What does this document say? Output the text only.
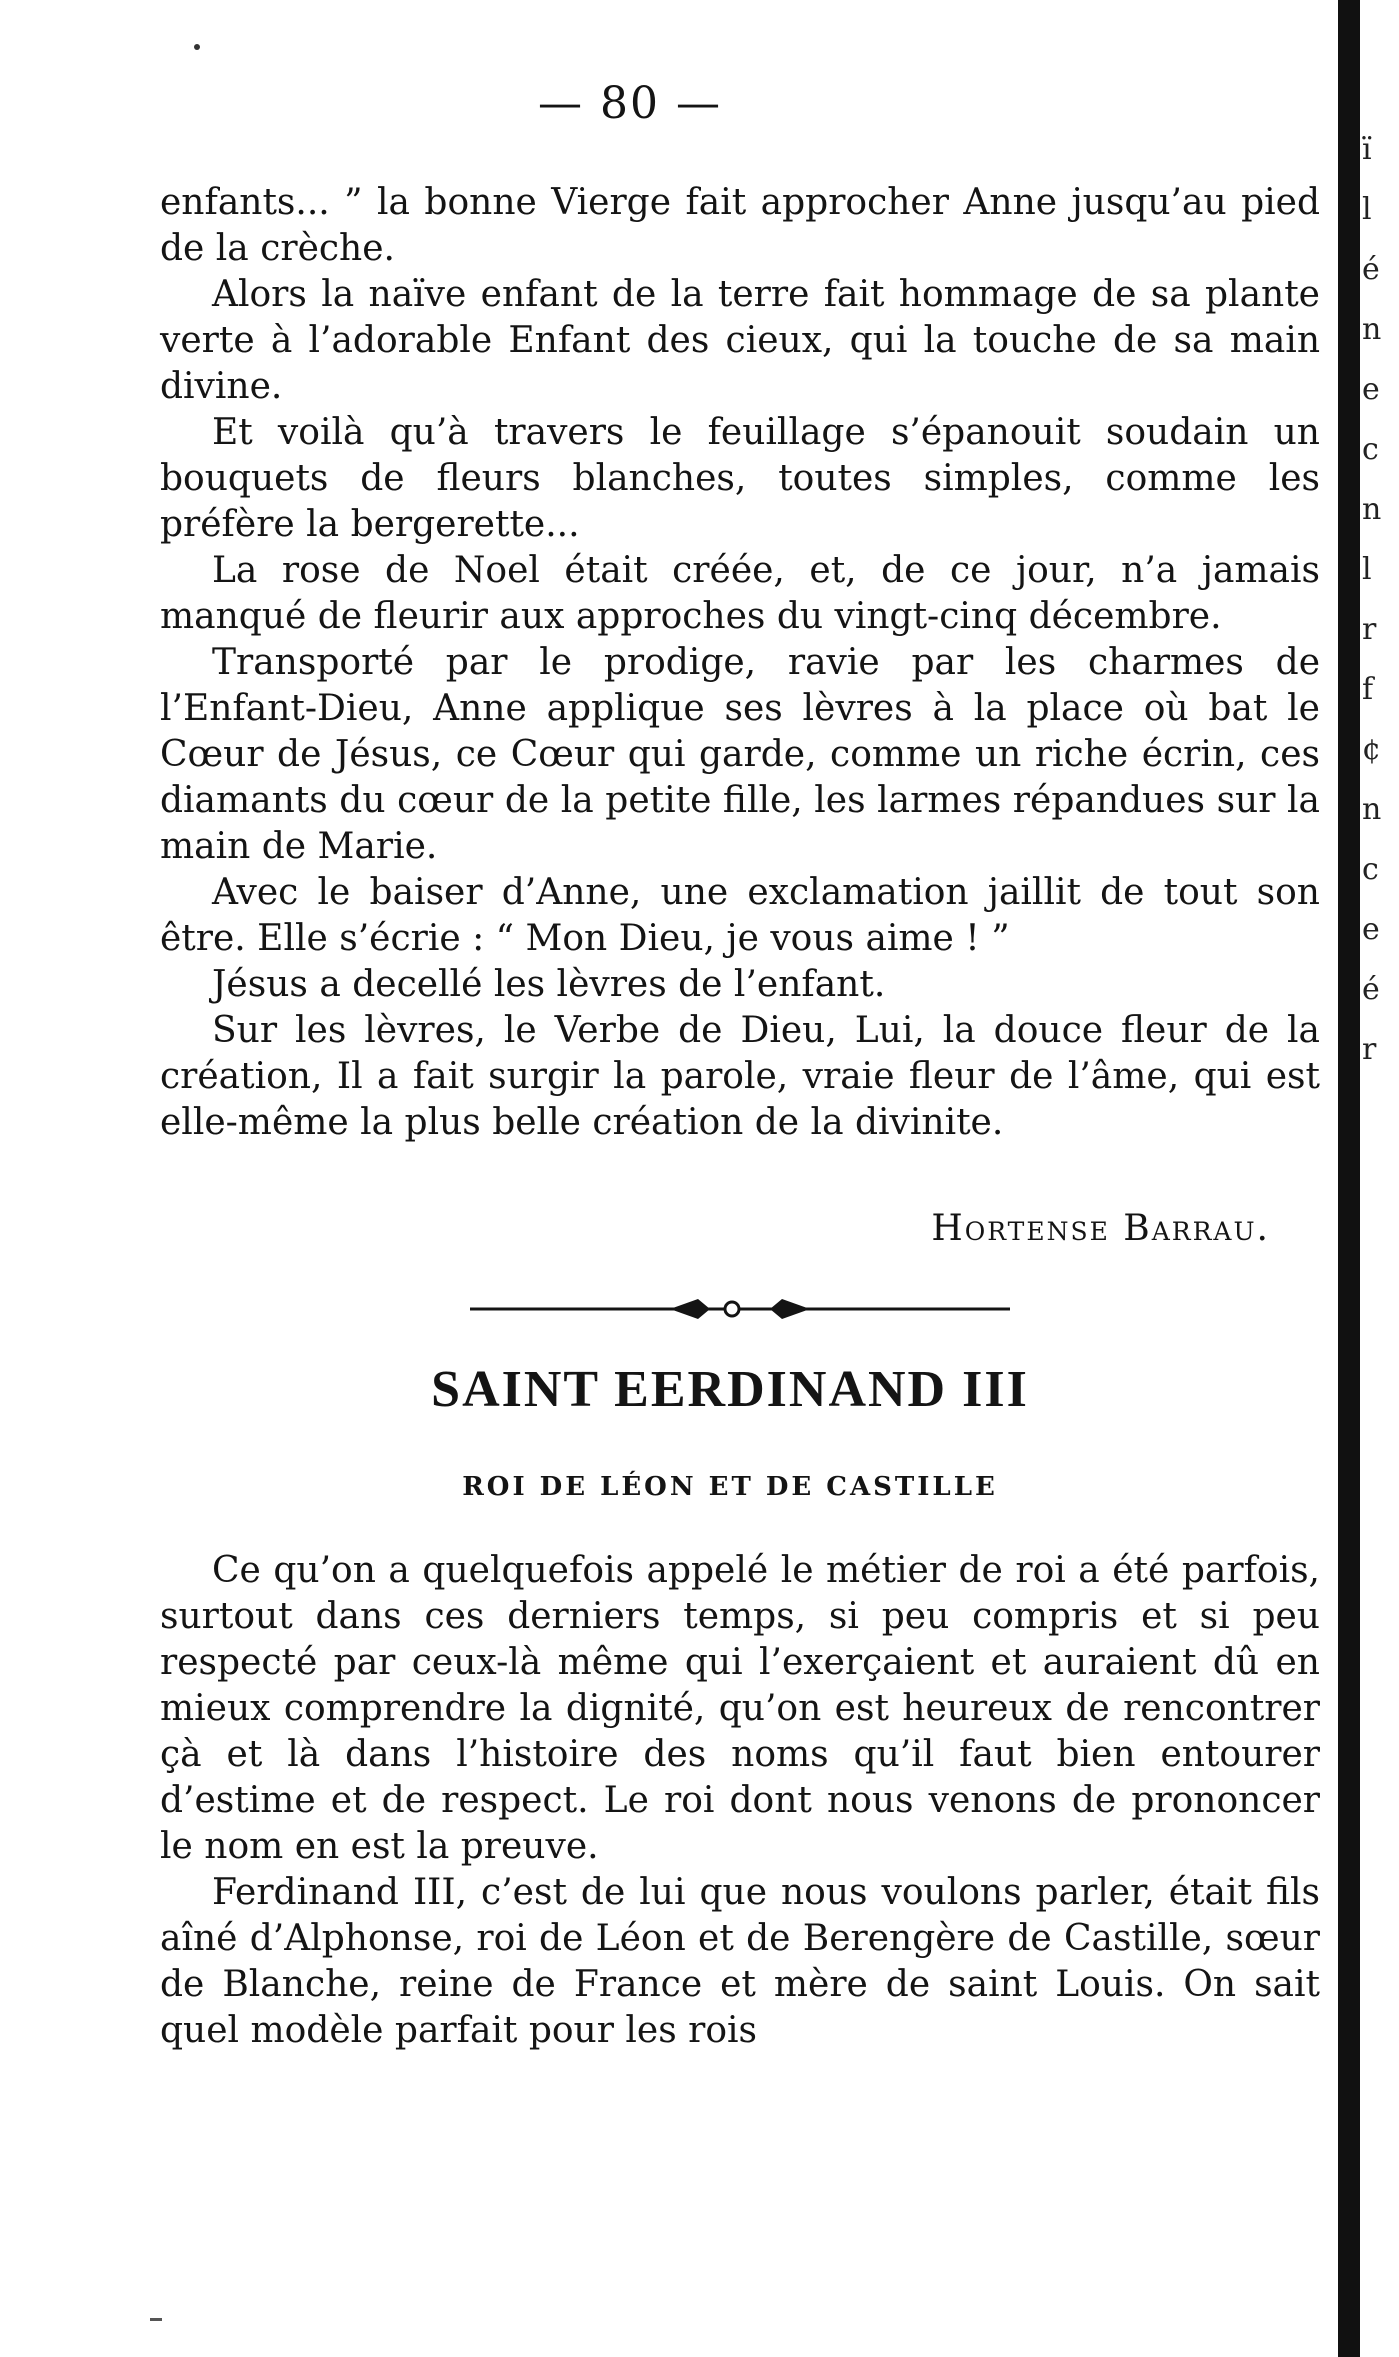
— 80 —

enfants... ” la bonne Vierge fait approcher Anne jusqu’au pied de la crèche.

Alors la naïve enfant de la terre fait hommage de sa plante verte à l’adorable Enfant des cieux, qui la touche de sa main divine.

Et voilà qu’à travers le feuillage s’épanouit soudain un bouquets de fleurs blanches, toutes simples, comme les préfère la bergerette...

La rose de Noel était créée, et, de ce jour, n’a jamais manqué de fleurir aux approches du vingt-cinq décembre.

Transporté par le prodige, ravie par les charmes de l’Enfant-Dieu, Anne applique ses lèvres à la place où bat le Cœur de Jésus, ce Cœur qui garde, comme un riche écrin, ces diamants du cœur de la petite fille, les larmes répandues sur la main de Marie.

Avec le baiser d’Anne, une exclamation jaillit de tout son être. Elle s’écrie : “ Mon Dieu, je vous aime ! ”

Jésus a decellé les lèvres de l’enfant.

Sur les lèvres, le Verbe de Dieu, Lui, la douce fleur de la création, Il a fait surgir la parole, vraie fleur de l’âme, qui est elle-même la plus belle création de la divinite.

Hortense Barrau.
SAINT EERDINAND III
ROI DE LÉON ET DE CASTILLE

Ce qu’on a quelquefois appelé le métier de roi a été parfois, surtout dans ces derniers temps, si peu compris et si peu respecté par ceux-là même qui l’exerçaient et auraient dû en mieux comprendre la dignité, qu’on est heureux de rencontrer çà et là dans l’histoire des noms qu’il faut bien entourer d’estime et de respect. Le roi dont nous venons de prononcer le nom en est la preuve.

Ferdinand III, c’est de lui que nous voulons parler, était fils aîné d’Alphonse, roi de Léon et de Berengère de Castille, sœur de Blanche, reine de France et mère de saint Louis. On sait quel modèle parfait pour les rois

ï
l
é
n
e
c
n
l
r
f
¢
n
c
e
é
r
